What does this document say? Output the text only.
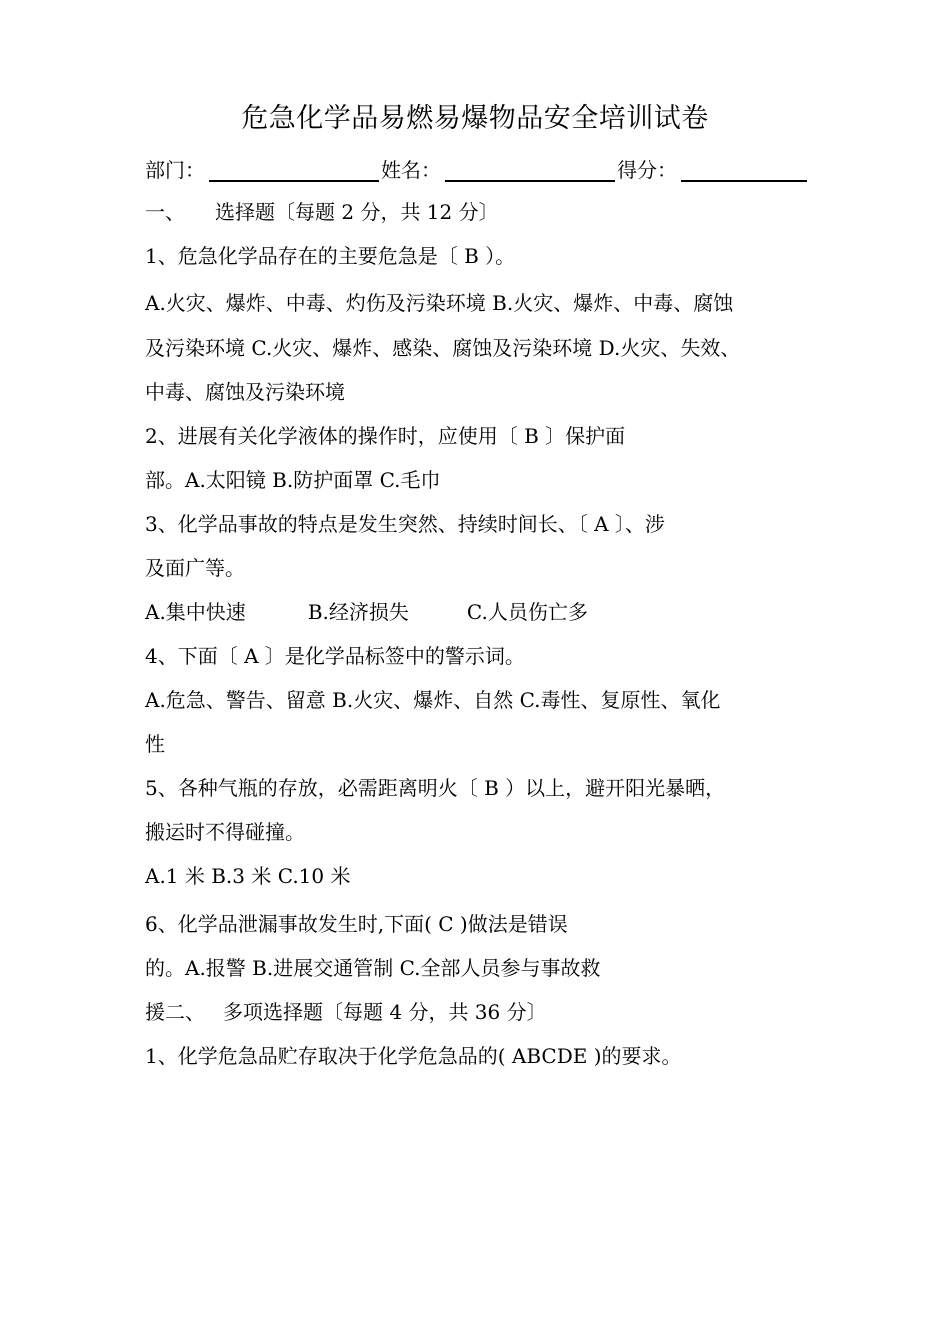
危急化学品易燃易爆物品安全培训试卷
部门：	姓名：	得分：
一、 选择题〔每题 2 分，共 12 分〕
1、危急化学品存在的主要危急是〔 B ）。
A.火灾、爆炸、中毒、灼伤及污染环境 B.火灾、爆炸、中毒、腐蚀
及污染环境 C.火灾、爆炸、感染、腐蚀及污染环境 D.火灾、失效、
中毒、腐蚀及污染环境
2、进展有关化学液体的操作时，应使用〔 B 〕保护面
部。A.太阳镜 B.防护面罩 C.毛巾
3、化学品事故的特点是发生突然、持续时间长、〔 A 〕、涉
及面广等。
A.集中快速	B.经济损失	C.人员伤亡多
4、下面〔 A 〕是化学品标签中的警示词。
A.危急、警告、留意 B.火灾、爆炸、自然 C.毒性、复原性、氧化
性
5、各种气瓶的存放，必需距离明火〔 B ）以上，避开阳光暴晒，
搬运时不得碰撞。
A.1 米 B.3 米 C.10 米
6、化学品泄漏事故发生时,下面( C )做法是错误
的。A.报警 B.进展交通管制 C.全部人员参与事故救
援二、 多项选择题〔每题 4 分，共 36 分〕
1、化学危急品贮存取决于化学危急品的( ABCDE )的要求。
